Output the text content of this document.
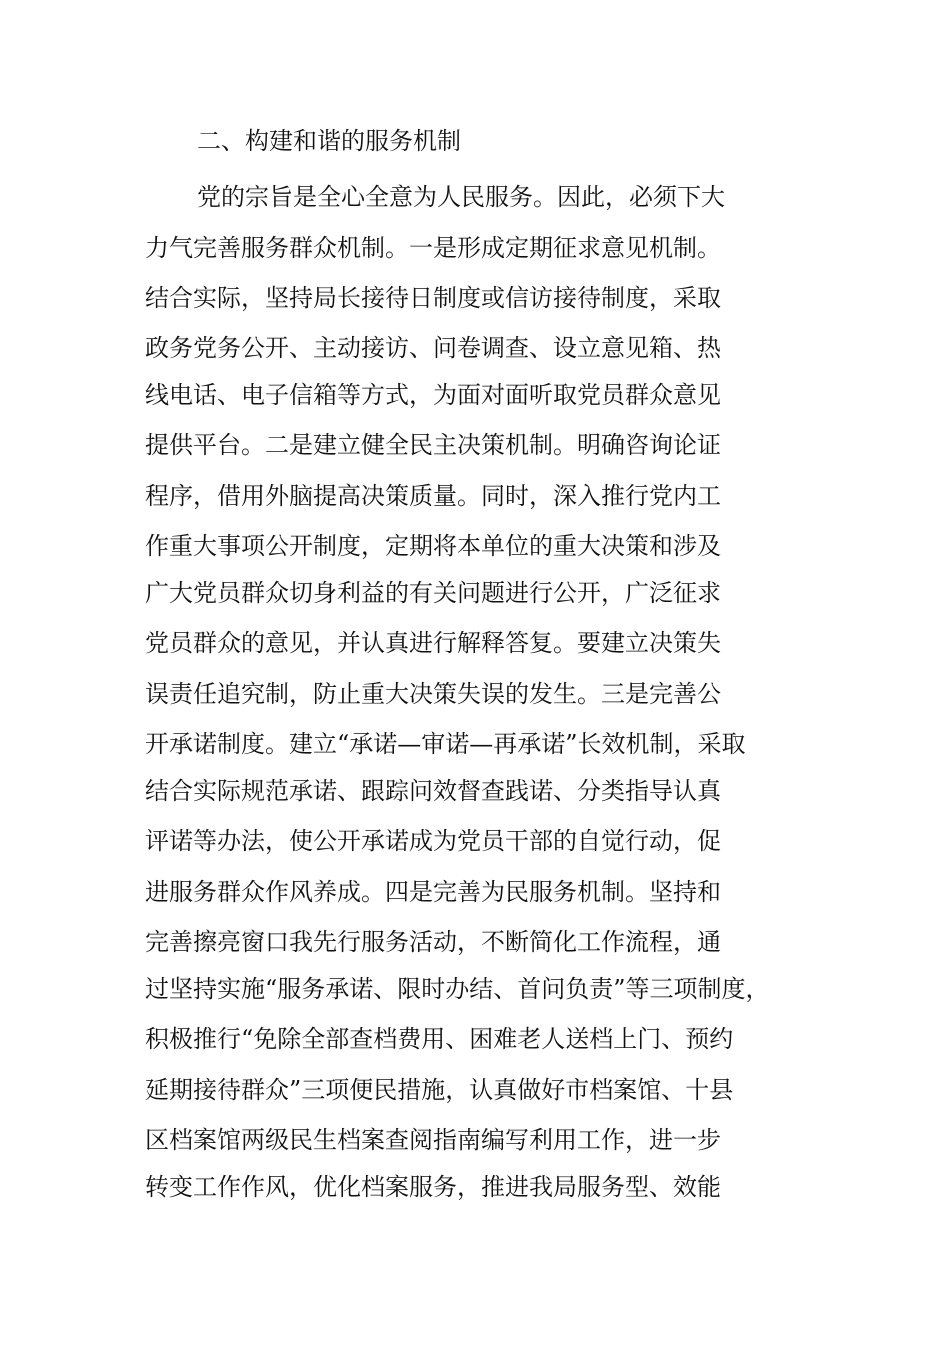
二、构建和谐的服务机制
党的宗旨是全心全意为人民服务。因此，必须下大
力气完善服务群众机制。一是形成定期征求意见机制。
结合实际，坚持局长接待日制度或信访接待制度，采取
政务党务公开、主动接访、问卷调查、设立意见箱、热
线电话、电子信箱等方式，为面对面听取党员群众意见
提供平台。二是建立健全民主决策机制。明确咨询论证
程序，借用外脑提高决策质量。同时，深入推行党内工
作重大事项公开制度，定期将本单位的重大决策和涉及
广大党员群众切身利益的有关问题进行公开，广泛征求
党员群众的意见，并认真进行解释答复。要建立决策失
误责任追究制，防止重大决策失误的发生。三是完善公
开承诺制度。建立“承诺—审诺—再承诺”长效机制，采取
结合实际规范承诺、跟踪问效督查践诺、分类指导认真
评诺等办法，使公开承诺成为党员干部的自觉行动，促
进服务群众作风养成。四是完善为民服务机制。坚持和
完善擦亮窗口我先行服务活动，不断简化工作流程，通
过坚持实施“服务承诺、限时办结、首问负责”等三项制度，
积极推行“免除全部查档费用、困难老人送档上门、预约
延期接待群众”三项便民措施，认真做好市档案馆、十县
区档案馆两级民生档案查阅指南编写利用工作，进一步
转变工作作风，优化档案服务，推进我局服务型、效能
